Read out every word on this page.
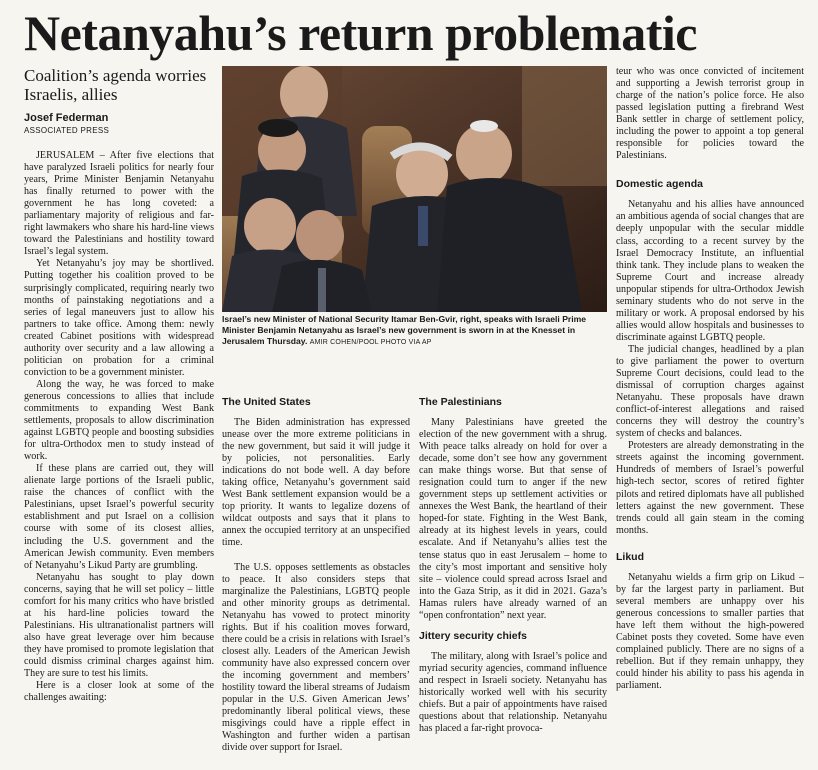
Netanyahu’s return problematic
Coalition’s agenda worries Israelis, allies
Josef Federman
ASSOCIATED PRESS

JERUSALEM – After five elections that have paralyzed Israeli politics for nearly four years, Prime Minister Benjamin Netanyahu has finally returned to power with the government he has long coveted: a parliamentary majority of religious and far-right lawmakers who share his hard-line views toward the Palestinians and hostility toward Israel’s legal system.

Yet Netanyahu’s joy may be shortlived. Putting together his coalition proved to be surprisingly complicated, requiring nearly two months of painstaking negotiations and a series of legal maneuvers just to allow his partners to take office. Among them: newly created Cabinet positions with widespread authority over security and a law allowing a politician on probation for a criminal conviction to be a government minister.

Along the way, he was forced to make generous concessions to allies that include commitments to expanding West Bank settlements, proposals to allow discrimination against LGBTQ people and boosting subsidies for ultra-Orthodox men to study instead of work.

If these plans are carried out, they will alienate large portions of the Israeli public, raise the chances of conflict with the Palestinians, upset Israel’s powerful security establishment and put Israel on a collision course with some of its closest allies, including the U.S. government and the American Jewish community. Even members of Netanyahu’s Likud Party are grumbling.

Netanyahu has sought to play down concerns, saying that he will set policy – little comfort for his many critics who have bristled at his hard-line policies toward the Palestinians. His ultranationalist partners will also have great leverage over him because they have promised to promote legislation that could dismiss criminal charges against him. They are sure to test his limits.

Here is a closer look at some of the challenges awaiting:

Israel’s new Minister of National Security Itamar Ben-Gvir, right, speaks with Israeli Prime Minister Benjamin Netanyahu as Israel’s new government is sworn in at the Knesset in Jerusalem Thursday. AMIR COHEN/POOL PHOTO VIA AP
The United States

The Biden administration has expressed unease over the more extreme politicians in the new government, but said it will judge it by policies, not personalities. Early indications do not bode well. A day before taking office, Netanyahu’s government said West Bank settlement expansion would be a top priority. It wants to legalize dozens of wildcat outposts and says that it plans to annex the occupied territory at an unspecified time.

The U.S. opposes settlements as obstacles to peace. It also considers steps that marginalize the Palestinians, LGBTQ people and other minority groups as detrimental. Netanyahu has vowed to protect minority rights. But if his coalition moves forward, there could be a crisis in relations with Israel’s closest ally. Leaders of the American Jewish community have also expressed concern over the incoming government and members’ hostility toward the liberal streams of Judaism popular in the U.S. Given American Jews’ predominantly liberal political views, these misgivings could have a ripple effect in Washington and further widen a partisan divide over support for Israel.

The Palestinians

Many Palestinians have greeted the election of the new government with a shrug. With peace talks already on hold for over a decade, some don’t see how any government can make things worse. But that sense of resignation could turn to anger if the new government steps up settlement activities or annexes the West Bank, the heartland of their hoped-for state. Fighting in the West Bank, already at its highest levels in years, could escalate. And if Netanyahu’s allies test the tense status quo in east Jerusalem – home to the city’s most important and sensitive holy site – violence could spread across Israel and into the Gaza Strip, as it did in 2021. Gaza’s Hamas rulers have already warned of an “open confrontation” next year.

Jittery security chiefs

The military, along with Israel’s police and myriad security agencies, command influence and respect in Israeli society. Netanyahu has historically worked well with his security chiefs. But a pair of appointments have raised questions about that relationship. Netanyahu has placed a far-right provoca-

teur who was once convicted of incitement and supporting a Jewish terrorist group in charge of the nation’s police force. He also passed legislation putting a firebrand West Bank settler in charge of settlement policy, including the power to appoint a top general responsible for policies toward the Palestinians.

Domestic agenda

Netanyahu and his allies have announced an ambitious agenda of social changes that are deeply unpopular with the secular middle class, according to a recent survey by the Israel Democracy Institute, an influential think tank. They include plans to weaken the Supreme Court and increase already unpopular stipends for ultra-Orthodox Jewish seminary students who do not serve in the military or work. A proposal endorsed by his allies would allow hospitals and businesses to discriminate against LGBTQ people.

The judicial changes, headlined by a plan to give parliament the power to overturn Supreme Court decisions, could lead to the dismissal of corruption charges against Netanyahu. These proposals have drawn conflict-of-interest allegations and raised concerns they will destroy the country’s system of checks and balances.

Protesters are already demonstrating in the streets against the incoming government. Hundreds of members of Israel’s powerful high-tech sector, scores of retired fighter pilots and retired diplomats have all published letters against the new government. These trends could all gain steam in the coming months.

Likud

Netanyahu wields a firm grip on Likud – by far the largest party in parliament. But several members are unhappy over his generous concessions to smaller parties that have left them without the high-powered Cabinet posts they coveted. Some have even complained publicly. There are no signs of a rebellion. But if they remain unhappy, they could hinder his ability to pass his agenda in parliament.
